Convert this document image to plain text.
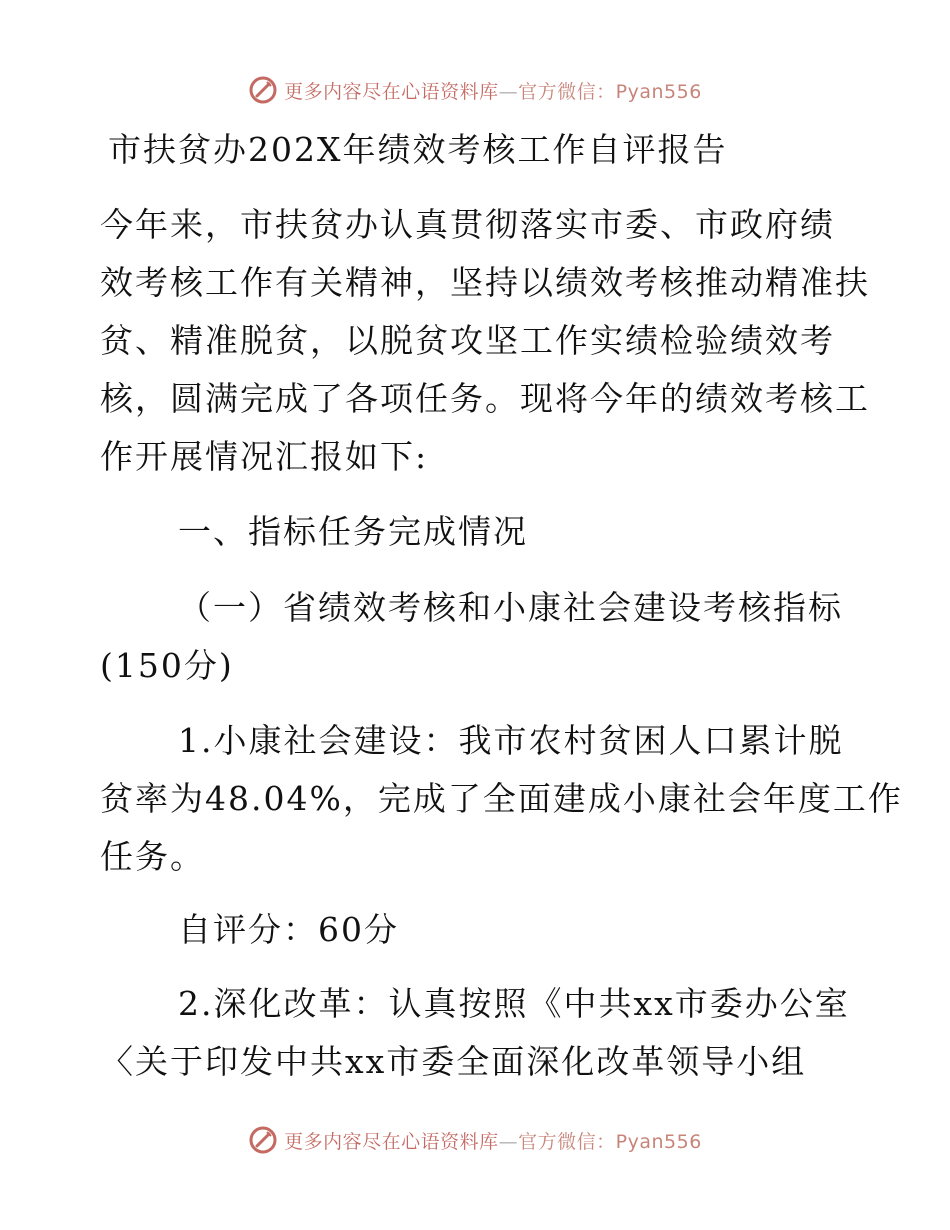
更多内容尽在心语资料库—官方微信：Pyan556
市扶贫办202X年绩效考核工作自评报告
今年来，市扶贫办认真贯彻落实市委、市政府绩
效考核工作有关精神，坚持以绩效考核推动精准扶
贫、精准脱贫，以脱贫攻坚工作实绩检验绩效考
核，圆满完成了各项任务。现将今年的绩效考核工
作开展情况汇报如下:
一、指标任务完成情况
（一）省绩效考核和小康社会建设考核指标
(150分)
1.小康社会建设：我市农村贫困人口累计脱
贫率为48.04%，完成了全面建成小康社会年度工作
任务。
自评分：60分
2.深化改革：认真按照《中共xx市委办公室
〈关于印发中共xx市委全面深化改革领导小组
更多内容尽在心语资料库—官方微信：Pyan556
